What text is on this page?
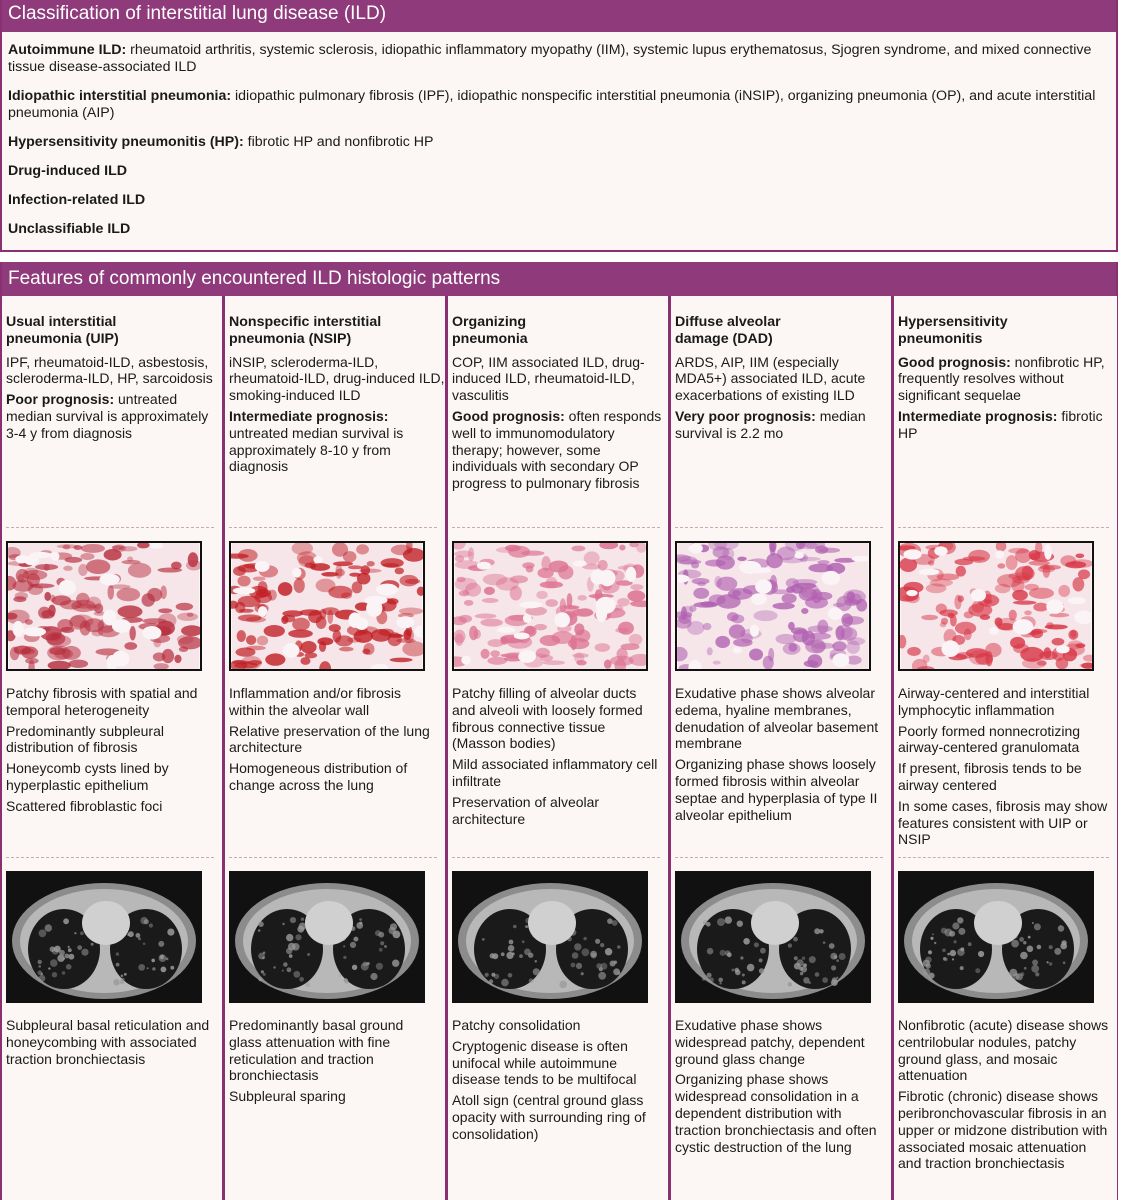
Classification of interstitial lung disease (ILD)
Autoimmune ILD: rheumatoid arthritis, systemic sclerosis, idiopathic inflammatory myopathy (IIM), systemic lupus erythematosus, Sjogren syndrome, and mixed connective tissue disease-associated ILD
Idiopathic interstitial pneumonia: idiopathic pulmonary fibrosis (IPF), idiopathic nonspecific interstitial pneumonia (iNSIP), organizing pneumonia (OP), and acute interstitial pneumonia (AIP)
Hypersensitivity pneumonitis (HP): fibrotic HP and nonfibrotic HP
Drug-induced ILD
Infection-related ILD
Unclassifiable ILD
Features of commonly encountered ILD histologic patterns
Usual interstitial
pneumonia (UIP)

IPF, rheumatoid-ILD, asbestosis, scleroderma-ILD, HP, sarcoidosis

Poor prognosis: untreated median survival is approximately 3-4 y from diagnosis

Patchy fibrosis with spatial and temporal heterogeneity
Predominantly subpleural distribution of fibrosis
Honeycomb cysts lined by hyperplastic epithelium
Scattered fibroblastic foci
Subpleural basal reticulation and honeycombing with associated traction bronchiectasis
Nonspecific interstitial
pneumonia (NSIP)

iNSIP, scleroderma-ILD, rheumatoid-ILD, drug-induced ILD, smoking-induced ILD

Intermediate prognosis: untreated median survival is approximately 8-10 y from diagnosis

Inflammation and/or fibrosis within the alveolar wall
Relative preservation of the lung architecture
Homogeneous distribution of change across the lung
Predominantly basal ground glass attenuation with fine reticulation and traction bronchiectasis
Subpleural sparing
Organizing
pneumonia

COP, IIM associated ILD, drug-induced ILD, rheumatoid-ILD, vasculitis

Good prognosis: often responds well to immunomodulatory therapy; however, some individuals with secondary OP progress to pulmonary fibrosis

Patchy filling of alveolar ducts and alveoli with loosely formed fibrous connective tissue (Masson bodies)
Mild associated inflammatory cell infiltrate
Preservation of alveolar architecture
Patchy consolidation
Cryptogenic disease is often unifocal while autoimmune disease tends to be multifocal
Atoll sign (central ground glass opacity with surrounding ring of consolidation)
Diffuse alveolar
damage (DAD)

ARDS, AIP, IIM (especially MDA5+) associated ILD, acute exacerbations of existing ILD

Very poor prognosis: median survival is 2.2 mo

Exudative phase shows alveolar edema, hyaline membranes, denudation of alveolar basement membrane
Organizing phase shows loosely formed fibrosis within alveolar septae and hyperplasia of type II alveolar epithelium
Exudative phase shows widespread patchy, dependent ground glass change
Organizing phase shows widespread consolidation in a dependent distribution with traction bronchiectasis and often cystic destruction of the lung
Hypersensitivity
pneumonitis

Good prognosis: nonfibrotic HP, frequently resolves without significant sequelae

Intermediate prognosis: fibrotic HP

Airway-centered and interstitial lymphocytic inflammation
Poorly formed nonnecrotizing airway-centered granulomata
If present, fibrosis tends to be airway centered
In some cases, fibrosis may show features consistent with UIP or NSIP
Nonfibrotic (acute) disease shows centrilobular nodules, patchy ground glass, and mosaic attenuation
Fibrotic (chronic) disease shows peribronchovascular fibrosis in an upper or midzone distribution with associated mosaic attenuation and traction bronchiectasis
